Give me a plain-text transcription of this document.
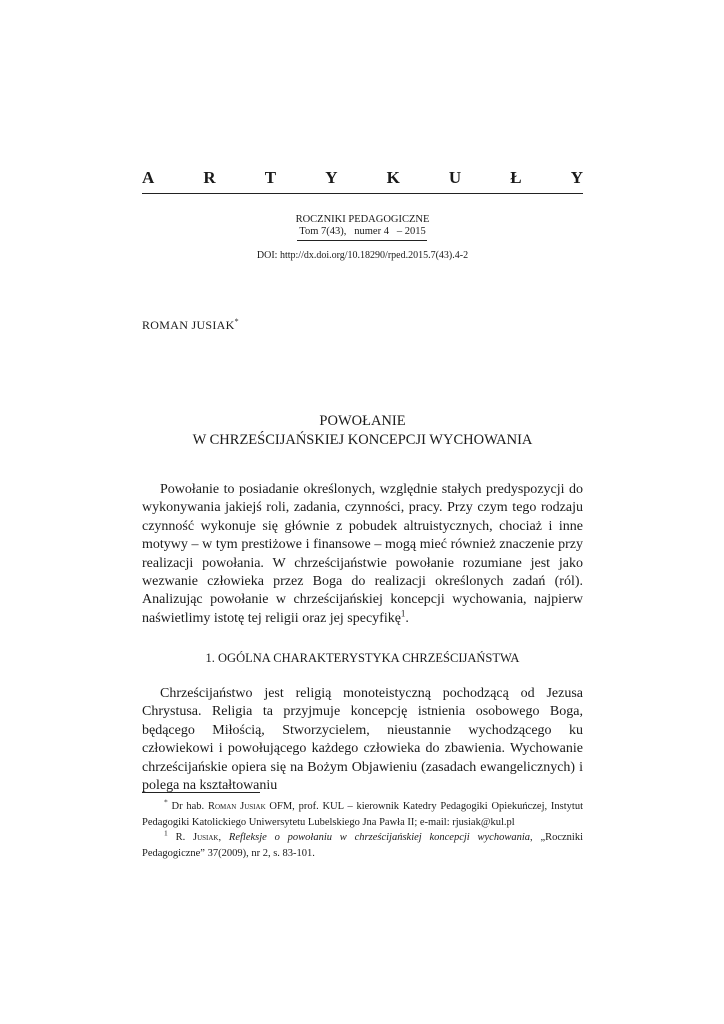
A	R	T	Y	K	U	Ł	Y
ROCZNIKI PEDAGOGICZNE
Tom 7(43),   numer 4   – 2015
DOI: http://dx.doi.org/10.18290/rped.2015.7(43).4-2
ROMAN JUSIAK*
POWOŁANIE
W CHRZEŚCIJAŃSKIEJ KONCEPCJI WYCHOWANIA

Powołanie to posiadanie określonych, względnie stałych predyspozycji do wykonywania jakiejś roli, zadania, czynności, pracy. Przy czym tego rodzaju czynność wykonuje się głównie z pobudek altruistycznych, chociaż i inne motywy – w tym prestiżowe i finansowe – mogą mieć również znaczenie przy realizacji powołania. W chrześcijaństwie powołanie rozumiane jest jako wezwanie człowieka przez Boga do realizacji określonych zadań (ról). Analizując powołanie w chrześcijańskiej koncepcji wychowania, najpierw naświetlimy istotę tej religii oraz jej specyfikę$^1$.

1. OGÓLNA CHARAKTERYSTYKA CHRZEŚCIJAŃSTWA

Chrześcijaństwo jest religią monoteistyczną pochodzącą od Jezusa Chrystusa. Religia ta przyjmuje koncepcję istnienia osobowego Boga, będącego Miłością, Stworzycielem, nieustannie wychodzącego ku człowiekowi i powołującego każdego człowieka do zbawienia. Wychowanie chrześcijańskie opiera się na Bożym Objawieniu (zasadach ewangelicznych) i polega na kształtowaniu

* Dr hab. Roman Jusiak OFM, prof. KUL – kierownik Katedry Pedagogiki Opiekuńczej, Instytut Pedagogiki Katolickiego Uniwersytetu Lubelskiego Jna Pawła II; e-mail: rjusiak@kul.pl

$^1$ R. Jusiak, Refleksje o powołaniu w chrześcijańskiej koncepcji wychowania, „Roczniki Pedagogiczne” 37(2009), nr 2, s. 83-101.
